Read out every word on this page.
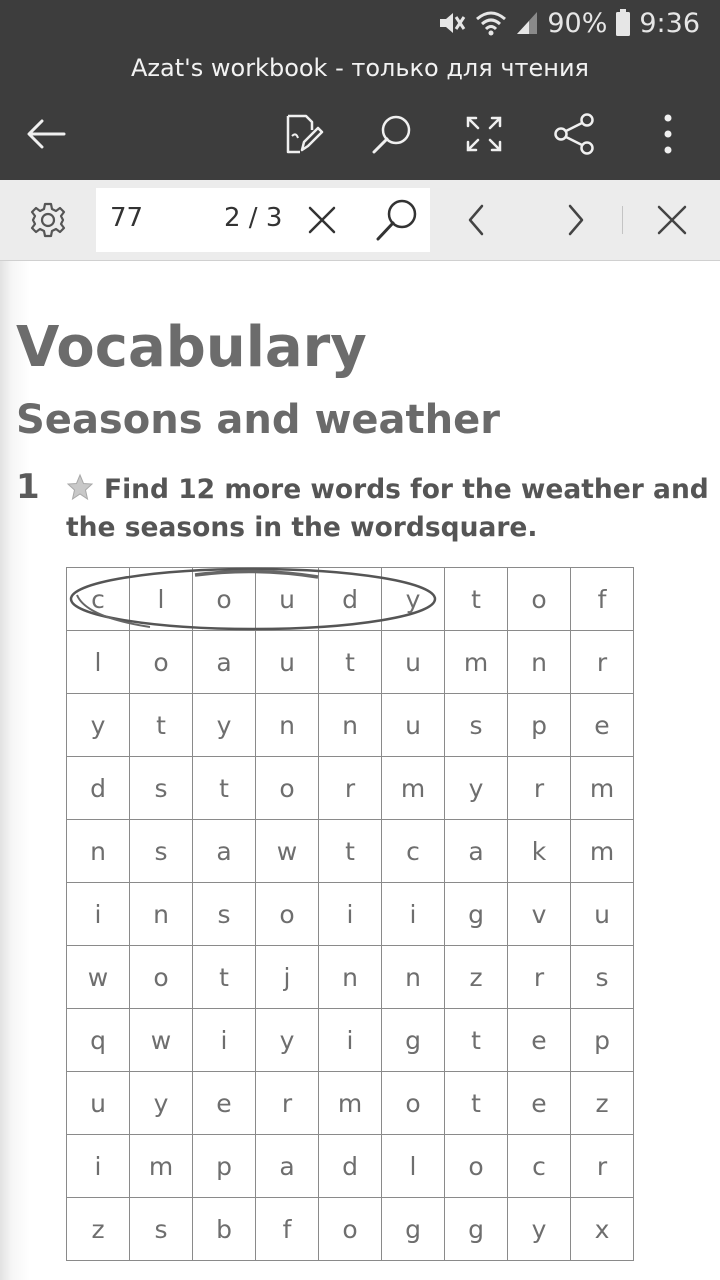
90% 9:36
Azat's workbook - только для чтения
77	2 / 3
Vocabulary
Seasons and weather
1	Find 12 more words for the weather and the seasons in the wordsquare.

c	l	o	u	d	y	t	o	f
l	o	a	u	t	u	m	n	r
y	t	y	n	n	u	s	p	e
d	s	t	o	r	m	y	r	m
n	s	a	w	t	c	a	k	m
i	n	s	o	i	i	g	v	u
w	o	t	j	n	n	z	r	s
q	w	i	y	i	g	t	e	p
u	y	e	r	m	o	t	e	z
i	m	p	a	d	l	o	c	r
z	s	b	f	o	g	g	y	x
